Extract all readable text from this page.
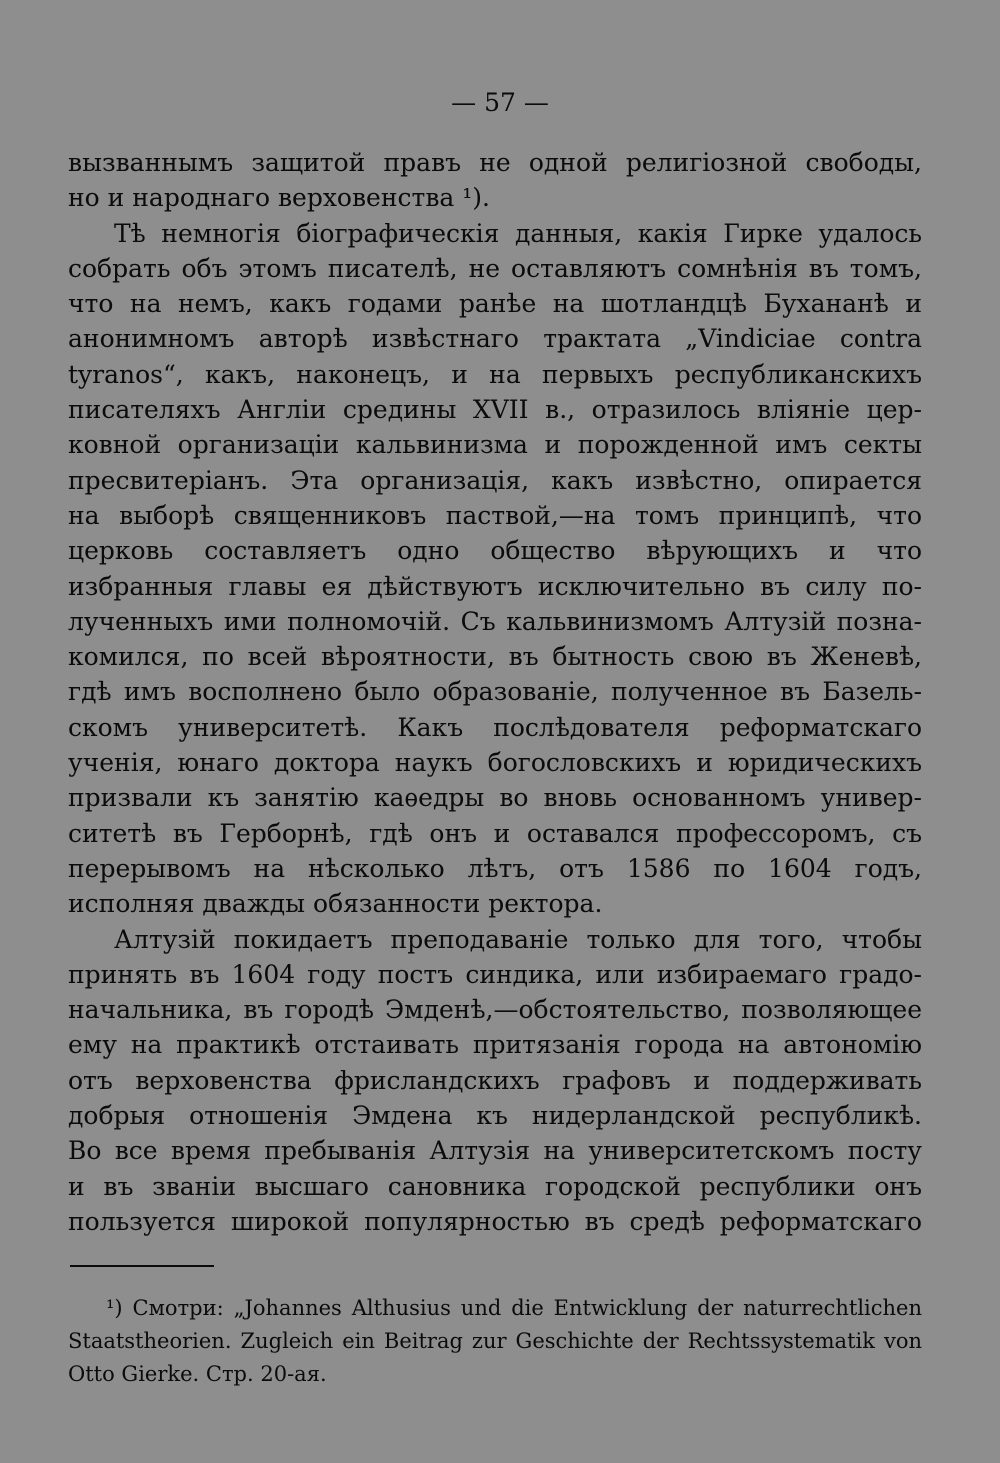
— 57 —
вызваннымъ защитой правъ не одной религіозной свободы,
но и народнаго верховенства ¹).
Тѣ немногія біографическія данныя, какія Гирке удалось
собрать объ этомъ писателѣ, не оставляютъ сомнѣнія въ томъ,
что на немъ, какъ годами ранѣе на шотландцѣ Бухананѣ и
анонимномъ авторѣ извѣстнаго трактата „Vindiciae contra
tyranos“, какъ, наконецъ, и на первыхъ республиканскихъ
писателяхъ Англіи средины XVII в., отразилось вліяніе цер-
ковной организаціи кальвинизма и порожденной имъ секты
пресвитеріанъ. Эта организація, какъ извѣстно, опирается
на выборѣ священниковъ паствой,—на томъ принципѣ, что
церковь составляетъ одно общество вѣрующихъ и что
избранныя главы ея дѣйствуютъ исключительно въ силу по-
лученныхъ ими полномочій. Съ кальвинизмомъ Алтузій позна-
комился, по всей вѣроятности, въ бытность свою въ Женевѣ,
гдѣ имъ восполнено было образованіе, полученное въ Базель-
скомъ университетѣ. Какъ послѣдователя реформатскаго
ученія, юнаго доктора наукъ богословскихъ и юридическихъ
призвали къ занятію каѳедры во вновь основанномъ универ-
ситетѣ въ Герборнѣ, гдѣ онъ и оставался профессоромъ, съ
перерывомъ на нѣсколько лѣтъ, отъ 1586 по 1604 годъ,
исполняя дважды обязанности ректора.
Алтузій покидаетъ преподаваніе только для того, чтобы
принять въ 1604 году постъ синдика, или избираемаго градо-
начальника, въ городѣ Эмденѣ,—обстоятельство, позволяющее
ему на практикѣ отстаивать притязанія города на автономію
отъ верховенства фрисландскихъ графовъ и поддерживать
добрыя отношенія Эмдена къ нидерландской республикѣ.
Во все время пребыванія Алтузія на университетскомъ посту
и въ званіи высшаго сановника городской республики онъ
пользуется широкой популярностью въ средѣ реформатскаго
¹) Смотри: „Johannes Althusius und die Entwicklung der naturrechtlichen
Staatstheorien. Zugleich ein Beitrag zur Geschichte der Rechtssystematik von
Otto Gierke. Стр. 20-ая.
